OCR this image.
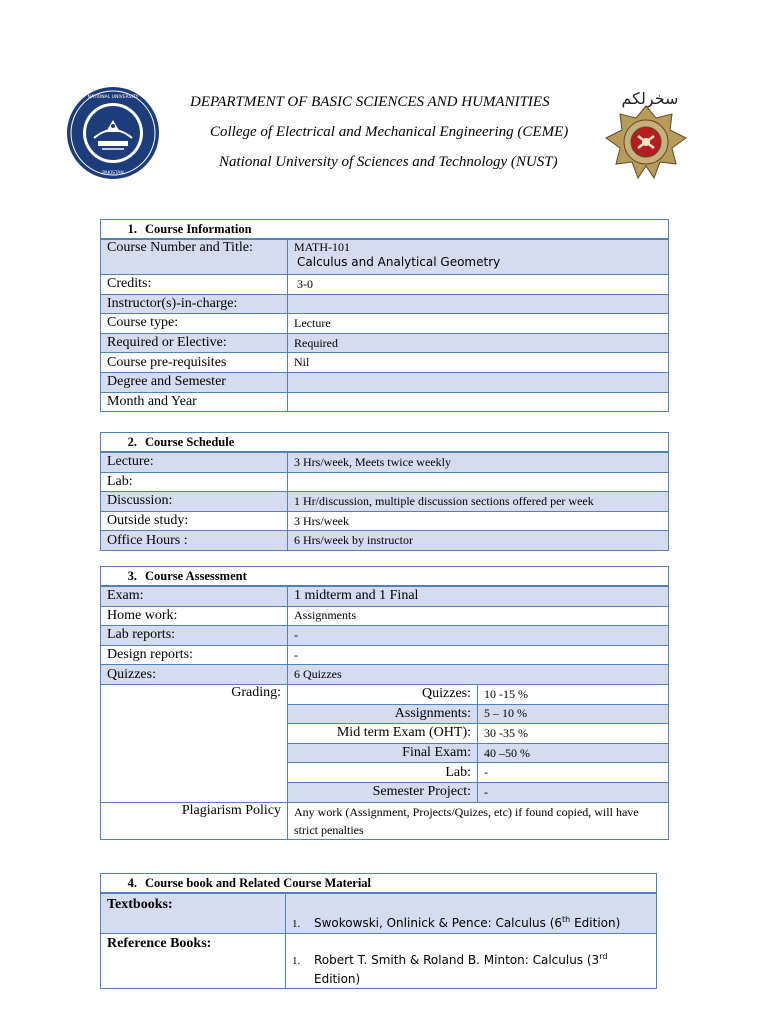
NATIONAL UNIVERSITY
PAKISTAN
سخرلکم
DEPARTMENT OF BASIC SCIENCES AND HUMANITIES
College of Electrical and Mechanical Engineering (CEME)
National University of Sciences and Technology (NUST)
1. Course Information	
Course Number and Title:	MATH-101
Calculus and Analytical Geometry

Credits:	3-0
Instructor(s)-in-charge:	
Course type:	Lecture
Required or Elective:	Required
Course pre-requisites	Nil
Degree and Semester	
Month and Year	
2. Course Schedule	
Lecture:	3 Hrs/week, Meets twice weekly
Lab:	
Discussion:	1 Hr/discussion, multiple discussion sections offered per week
Outside study:	3 Hrs/week
Office Hours :	6 Hrs/week by instructor
3. Course Assessment		
Exam:	1 midterm and 1 Final	
Home work:	Assignments	
Lab reports:	-	
Design reports:	-	
Quizzes:	6 Quizzes	
Grading:	Quizzes:	10 -15 %
	Assignments:	5 – 10 %
	Mid term Exam (OHT):	30 -35 %
	Final Exam:	40 –50 %
	Lab:	-
	Semester Project:	-
Plagiarism Policy	Any work (Assignment, Projects/Quizes, etc) if found copied, will have strict penalties	
4. Course book and Related Course Material	
Textbooks:	1. Swokowski, Onlinick & Pence: Calculus (6th Edition)
Reference Books:	1. Robert T. Smith & Roland B. Minton: Calculus (3rd
Edition)
